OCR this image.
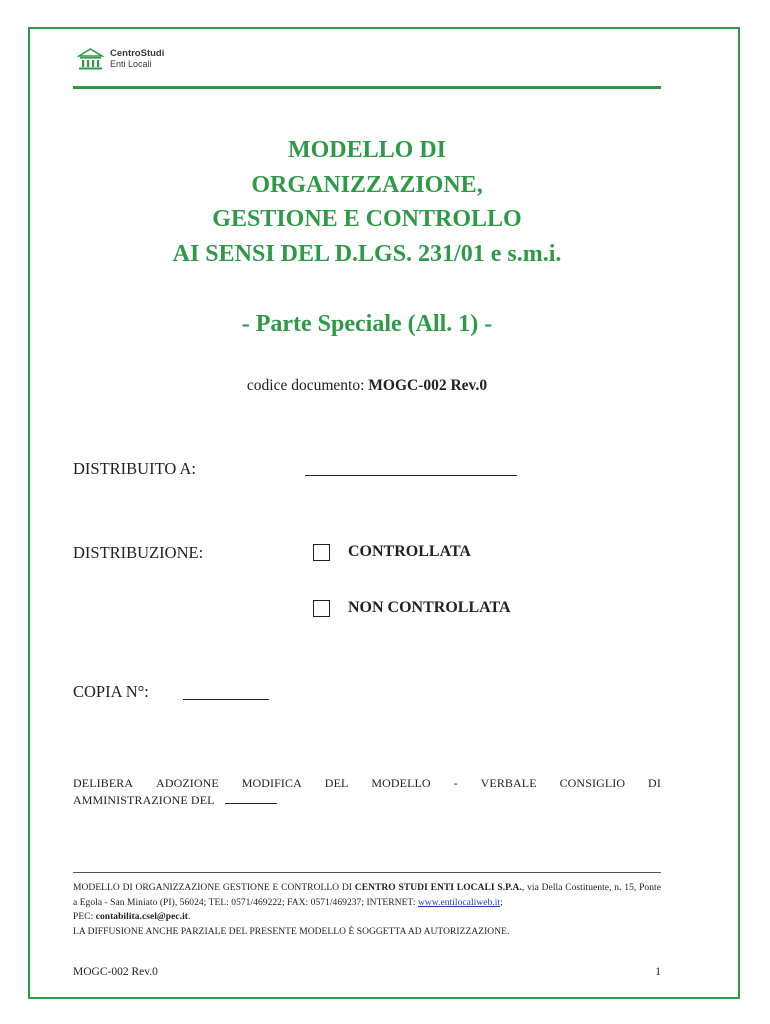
CentroStudi
Enti Locali
MODELLO DI
ORGANIZZAZIONE,
GESTIONE E CONTROLLO
AI SENSI DEL D.LGS. 231/01 e s.m.i.
- Parte Speciale (All. 1) -
codice documento: MOGC-002 Rev.0
DISTRIBUITO A:
DISTRIBUZIONE:	CONTROLLATA
NON CONTROLLATA
COPIA N°:
DELIBERA ADOZIONE MODIFICA DEL MODELLO - VERBALE CONSIGLIO DI
AMMINISTRAZIONE DEL
MODELLO DI ORGANIZZAZIONE GESTIONE E CONTROLLO DI CENTRO STUDI ENTI LOCALI S.P.A., via Della Costituente, n. 15, Ponte a Egola - San Miniato (PI), 56024; TEL: 0571/469222; FAX: 0571/469237; INTERNET: www.entilocaliweb.it;
PEC: contabilita.csel@pec.it.
LA DIFFUSIONE ANCHE PARZIALE DEL PRESENTE MODELLO È SOGGETTA AD AUTORIZZAZIONE.
MOGC-002 Rev.0	1
